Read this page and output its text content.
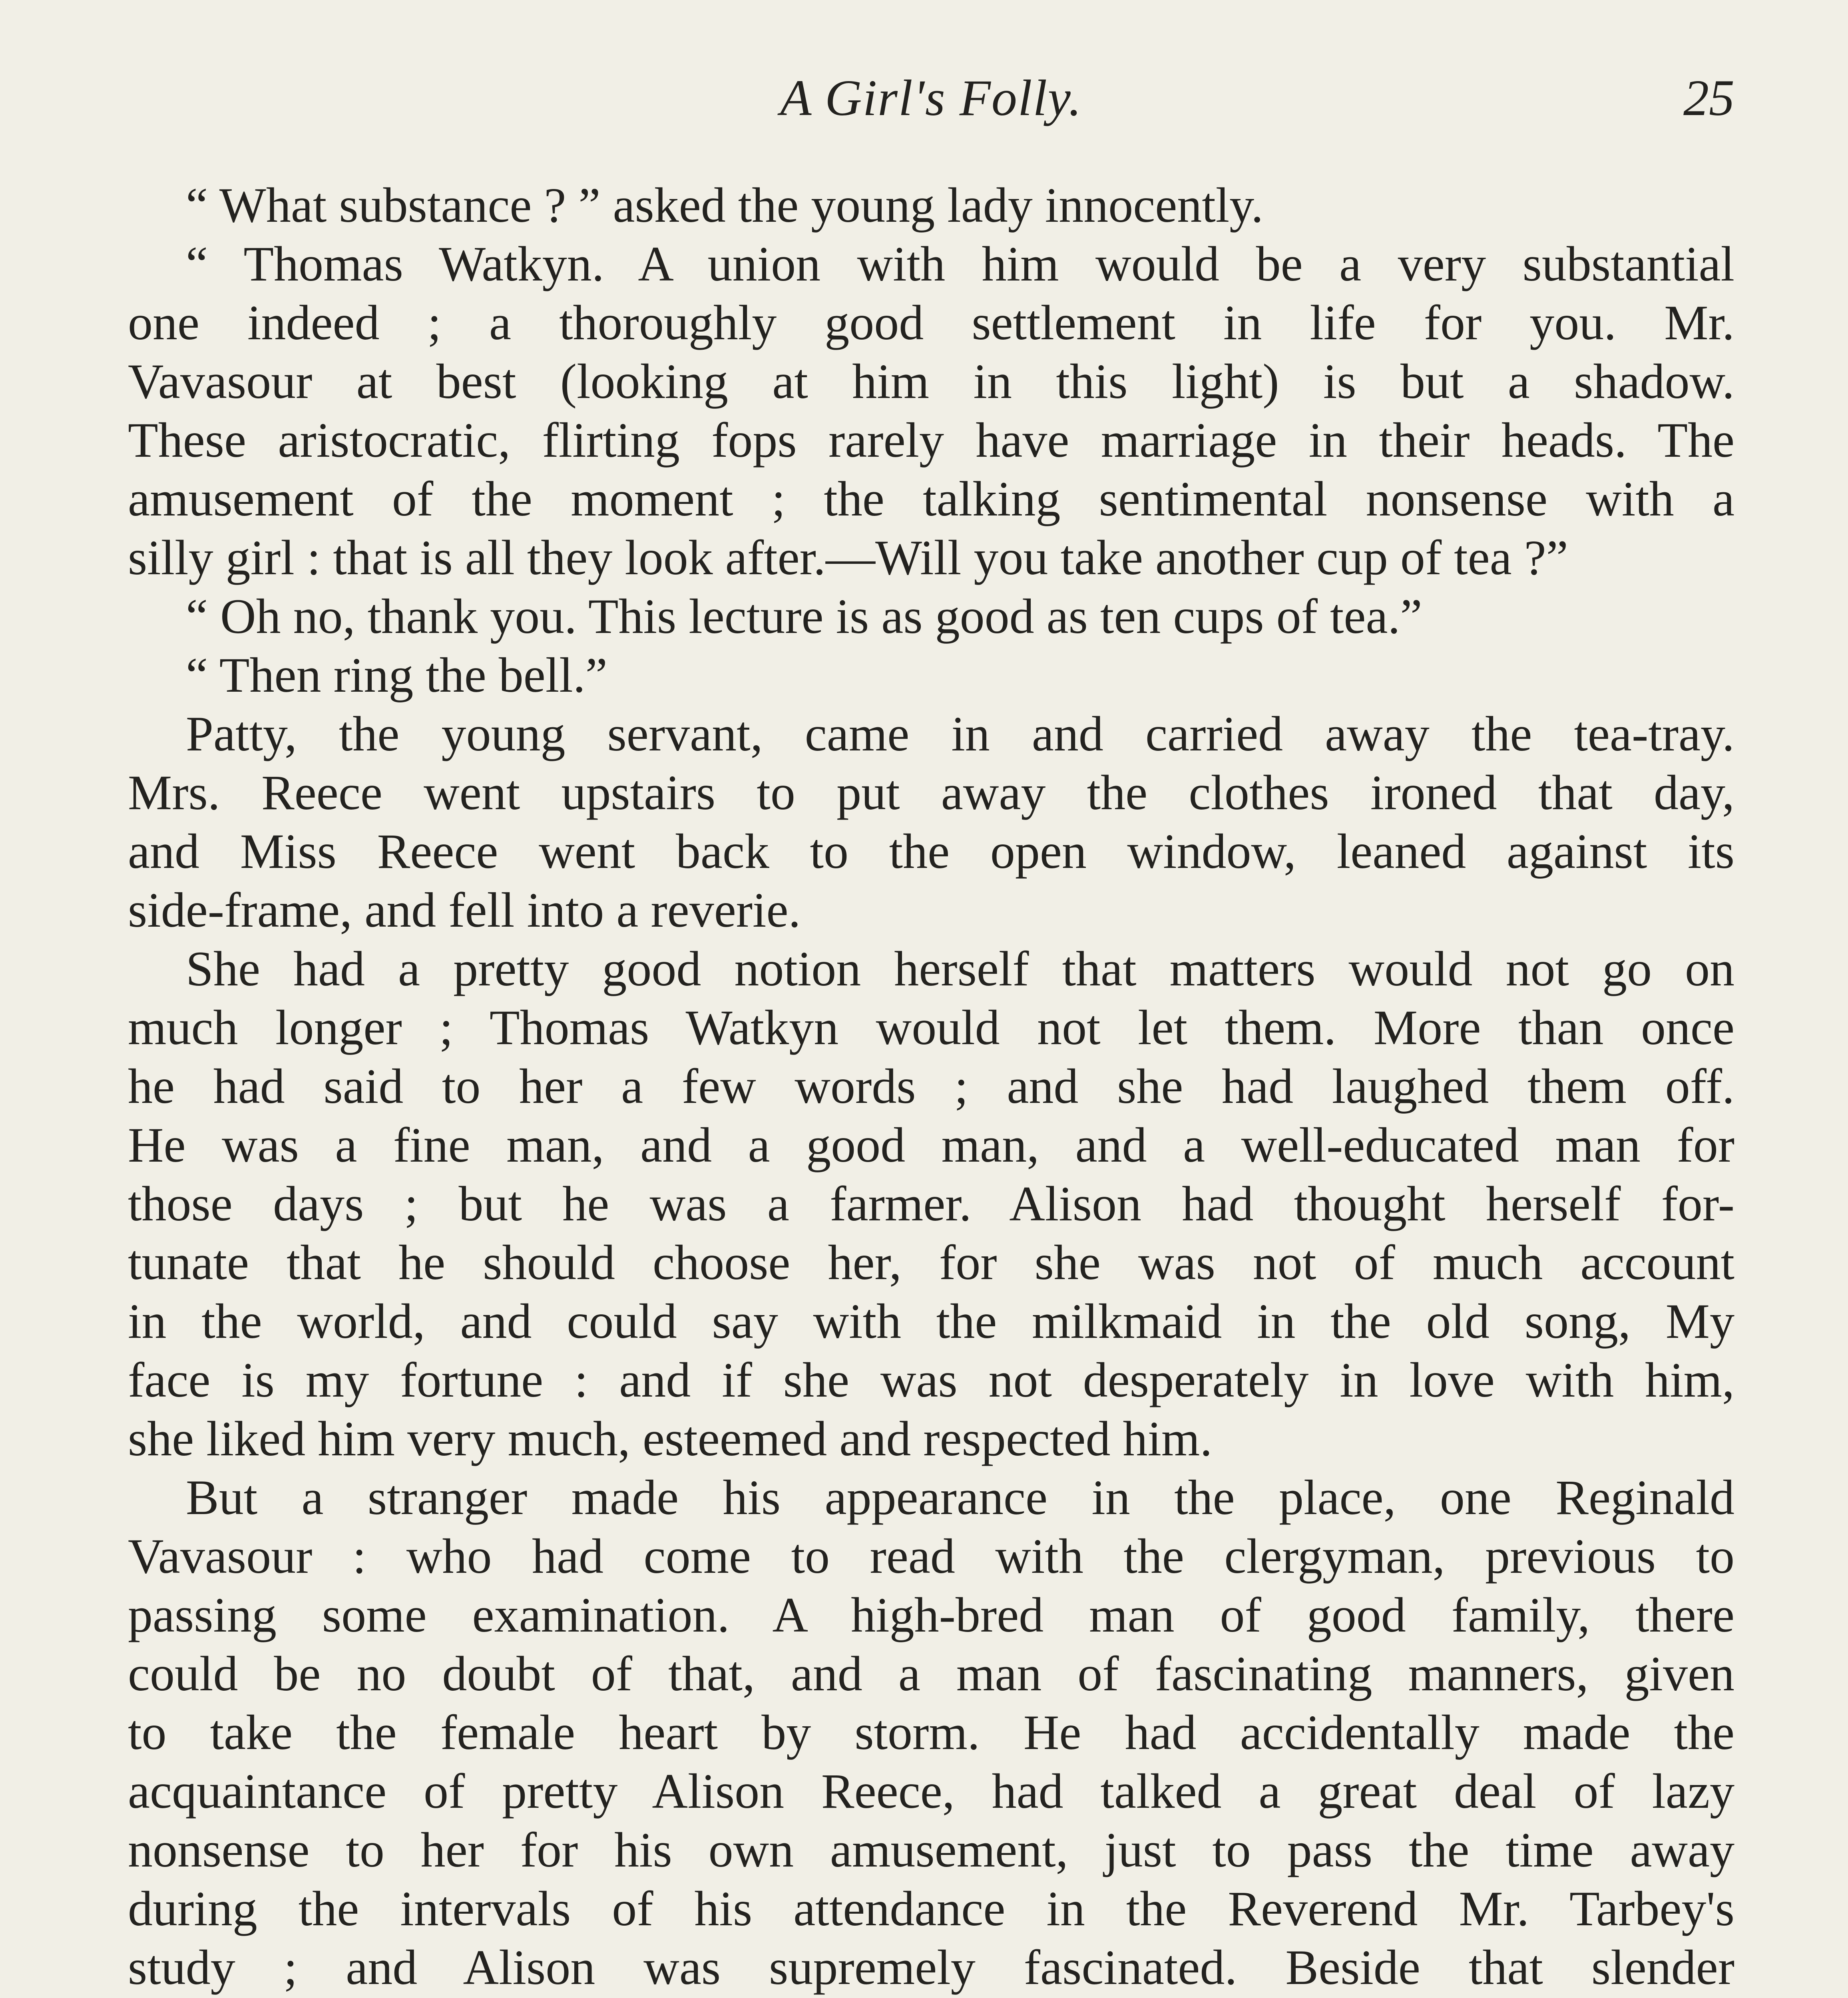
A Girl's Folly.	25
“ What substance ? ” asked the young lady innocently.
“ Thomas Watkyn. A union with him would be a very substantial
one indeed ; a thoroughly good settlement in life for you. Mr.
Vavasour at best (looking at him in this light) is but a shadow.
These aristocratic, flirting fops rarely have marriage in their heads. The
amusement of the moment ; the talking sentimental nonsense with a
silly girl : that is all they look after.—Will you take another cup of tea ?”
“ Oh no, thank you. This lecture is as good as ten cups of tea.”
“ Then ring the bell.”
Patty, the young servant, came in and carried away the tea-tray.
Mrs. Reece went upstairs to put away the clothes ironed that day,
and Miss Reece went back to the open window, leaned against its
side-frame, and fell into a reverie.
She had a pretty good notion herself that matters would not go on
much longer ; Thomas Watkyn would not let them. More than once
he had said to her a few words ; and she had laughed them off.
He was a fine man, and a good man, and a well-educated man for
those days ; but he was a farmer. Alison had thought herself for-
tunate that he should choose her, for she was not of much account
in the world, and could say with the milkmaid in the old song, My
face is my fortune : and if she was not desperately in love with him,
she liked him very much, esteemed and respected him.
But a stranger made his appearance in the place, one Reginald
Vavasour : who had come to read with the clergyman, previous to
passing some examination. A high-bred man of good family, there
could be no doubt of that, and a man of fascinating manners, given
to take the female heart by storm. He had accidentally made the
acquaintance of pretty Alison Reece, had talked a great deal of lazy
nonsense to her for his own amusement, just to pass the time away
during the intervals of his attendance in the Reverend Mr. Tarbey's
study ; and Alison was supremely fascinated. Beside that slender
